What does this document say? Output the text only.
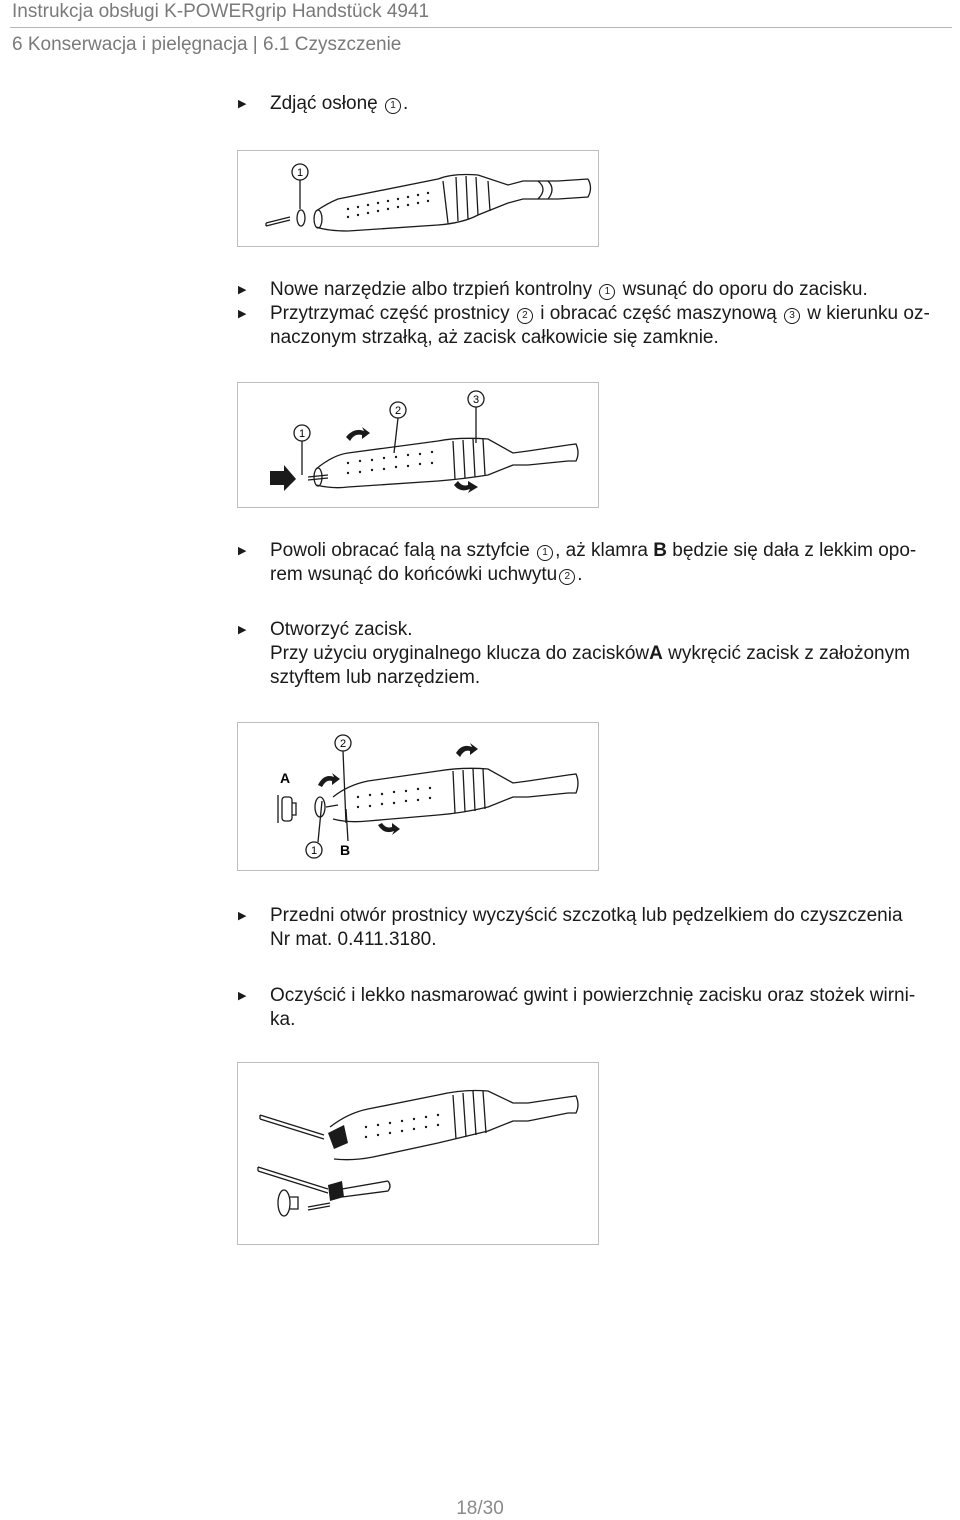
Instrukcja obsługi K-POWERgrip Handstück 4941
6 Konserwacja i pielęgnacja | 6.1 Czyszczenie
▶	Zdjąć osłonę 1 .
1
▶	Nowe narzędzie albo trzpień kontrolny 1 wsunąć do oporu do zacisku.
▶	Przytrzymać część prostnicy 2 i obracać część maszynową 3 w kierunku oz-
naczonym strzałką, aż zacisk całkowicie się zamknie.
1
2
3
▶	Powoli obracać falą na sztyfcie 1 , aż klamra B będzie się dała z lekkim opo-
rem wsunąć do końcówki uchwytu 2 .
▶	Otworzyć zacisk.
Przy użyciu oryginalnego klucza do zaciskówA wykręcić zacisk z założonym
sztyftem lub narzędziem.
2
1
A
B
▶	Przedni otwór prostnicy wyczyścić szczotką lub pędzelkiem do czyszczenia
Nr mat. 0.411.3180.
▶	Oczyścić i lekko nasmarować gwint i powierzchnię zacisku oraz stożek wirni-
ka.
18/30
